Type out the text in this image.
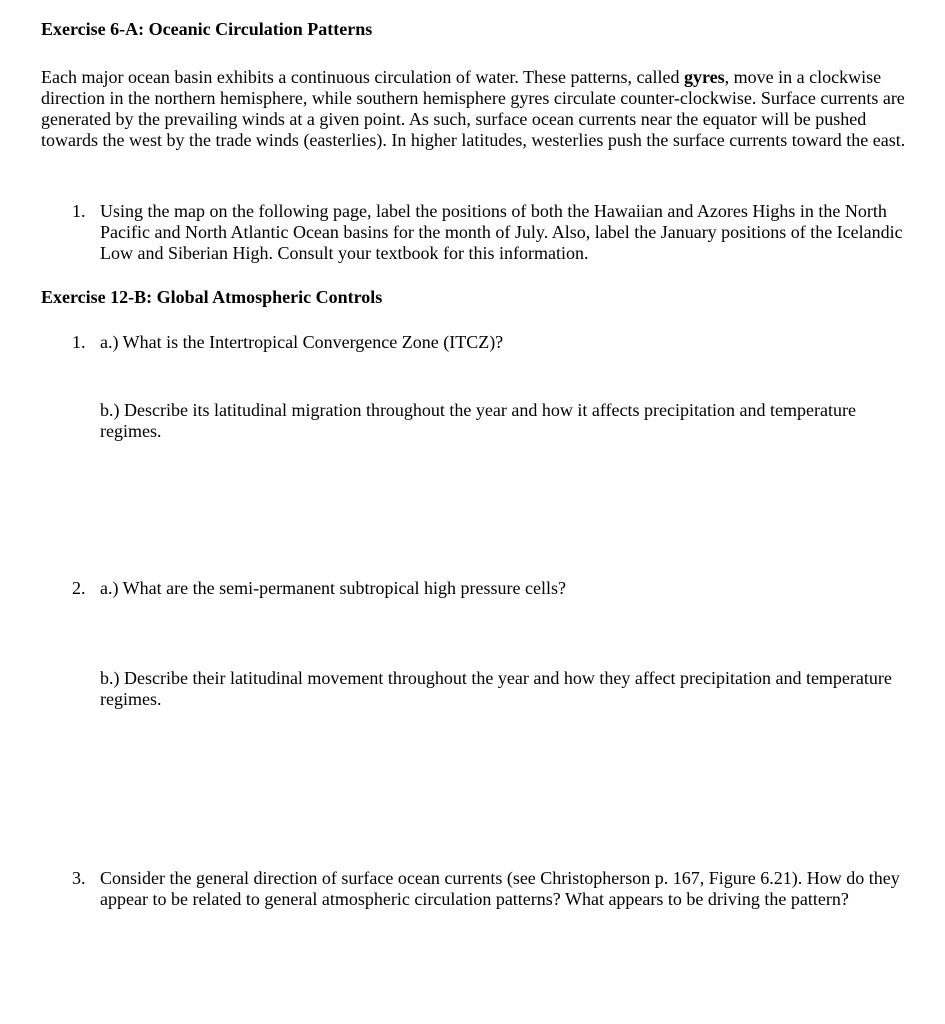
Exercise 6-A: Oceanic Circulation Patterns
Each major ocean basin exhibits a continuous circulation of water. These patterns, called gyres, move in a clockwise direction in the northern hemisphere, while southern hemisphere gyres circulate counter-clockwise. Surface currents are generated by the prevailing winds at a given point. As such, surface ocean currents near the equator will be pushed towards the west by the trade winds (easterlies). In higher latitudes, westerlies push the surface currents toward the east.
1. Using the map on the following page, label the positions of both the Hawaiian and Azores Highs in the North Pacific and North Atlantic Ocean basins for the month of July. Also, label the January positions of the Icelandic Low and Siberian High. Consult your textbook for this information.
Exercise 12-B: Global Atmospheric Controls
1. a.) What is the Intertropical Convergence Zone (ITCZ)?
b.) Describe its latitudinal migration throughout the year and how it affects precipitation and temperature regimes.
2. a.) What are the semi-permanent subtropical high pressure cells?
b.) Describe their latitudinal movement throughout the year and how they affect precipitation and temperature regimes.
3. Consider the general direction of surface ocean currents (see Christopherson p. 167, Figure 6.21). How do they appear to be related to general atmospheric circulation patterns? What appears to be driving the pattern?
